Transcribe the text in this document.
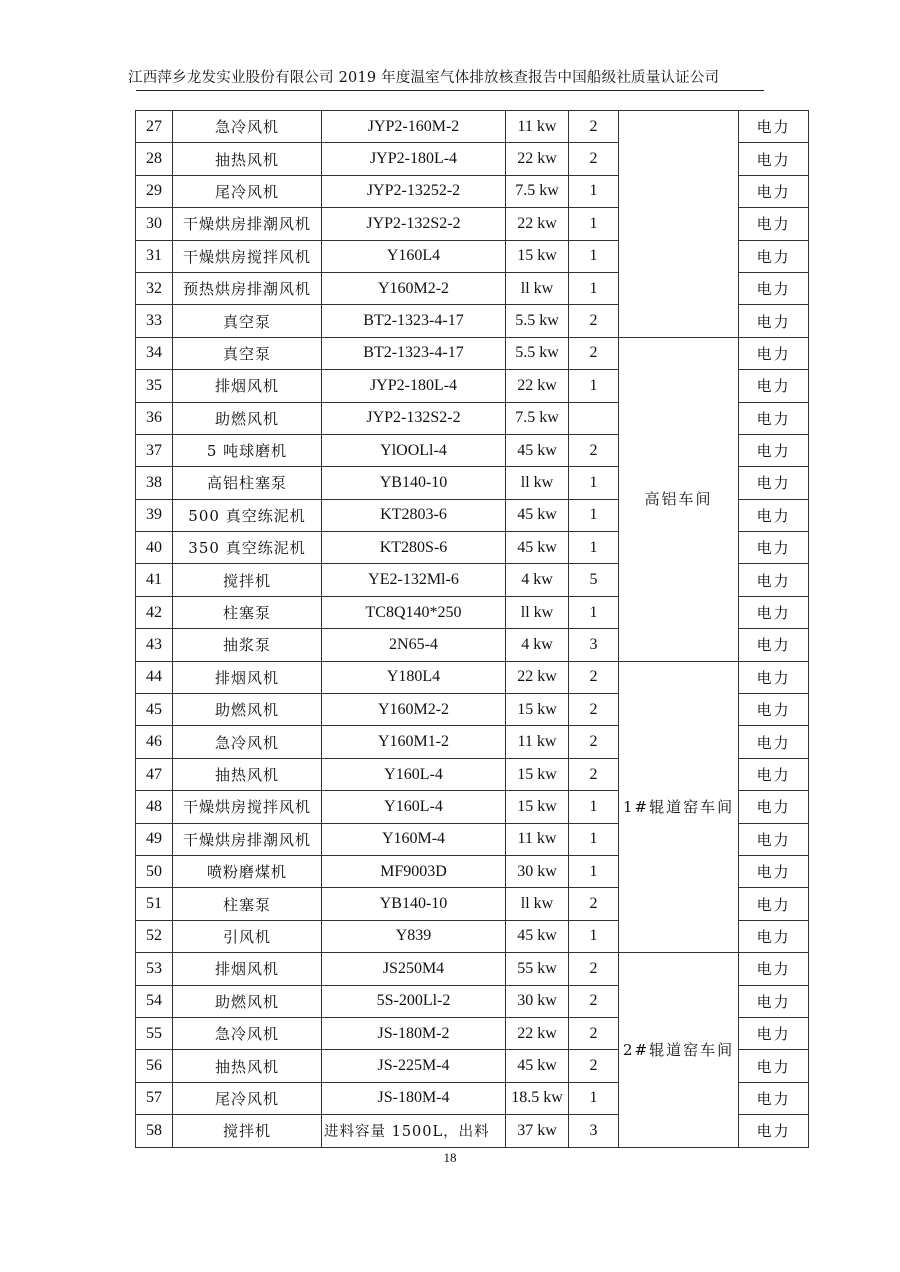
江西萍乡龙发实业股份有限公司 2019 年度温室气体排放核查报告中国船级社质量认证公司
27	急冷风机	JYP2-160M-2	11 kw	2		电力
28	抽热风机	JYP2-180L-4	22 kw	2		电力
29	尾冷风机	JYP2-13252-2	7.5 kw	1		电力
30	干燥烘房排潮风机	JYP2-132S2-2	22 kw	1		电力
31	干燥烘房搅拌风机	Y160L4	15 kw	1		电力
32	预热烘房排潮风机	Y160M2-2	ll kw	1		电力
33	真空泵	BT2-1323-4-17	5.5 kw	2		电力
34	真空泵	BT2-1323-4-17	5.5 kw	2	高铝车间	电力
35	排烟风机	JYP2-180L-4	22 kw	1		电力
36	助燃风机	JYP2-132S2-2	7.5 kw			电力
37	5 吨球磨机	YlOOLl-4	45 kw	2		电力
38	高铝柱塞泵	YB140-10	ll kw	1		电力
39	500 真空练泥机	KT2803-6	45 kw	1		电力
40	350 真空练泥机	KT280S-6	45 kw	1		电力
41	搅拌机	YE2-132Ml-6	4 kw	5		电力
42	柱塞泵	TC8Q140*250	ll kw	1		电力
43	抽浆泵	2N65-4	4 kw	3		电力
44	排烟风机	Y180L4	22 kw	2	1#辊道窑车间	电力
45	助燃风机	Y160M2-2	15 kw	2		电力
46	急冷风机	Y160M1-2	11 kw	2		电力
47	抽热风机	Y160L-4	15 kw	2		电力
48	干燥烘房搅拌风机	Y160L-4	15 kw	1		电力
49	干燥烘房排潮风机	Y160M-4	11 kw	1		电力
50	喷粉磨煤机	MF9003D	30 kw	1		电力
51	柱塞泵	YB140-10	ll kw	2		电力
52	引风机	Y839	45 kw	1		电力
53	排烟风机	JS250M4	55 kw	2	2#辊道窑车间	电力
54	助燃风机	5S-200Ll-2	30 kw	2		电力
55	急冷风机	JS-180M-2	22 kw	2		电力
56	抽热风机	JS-225M-4	45 kw	2		电力
57	尾冷风机	JS-180M-4	18.5 kw	1		电力
58	搅拌机	进料容量 1500L，出料	37 kw	3		电力
18
